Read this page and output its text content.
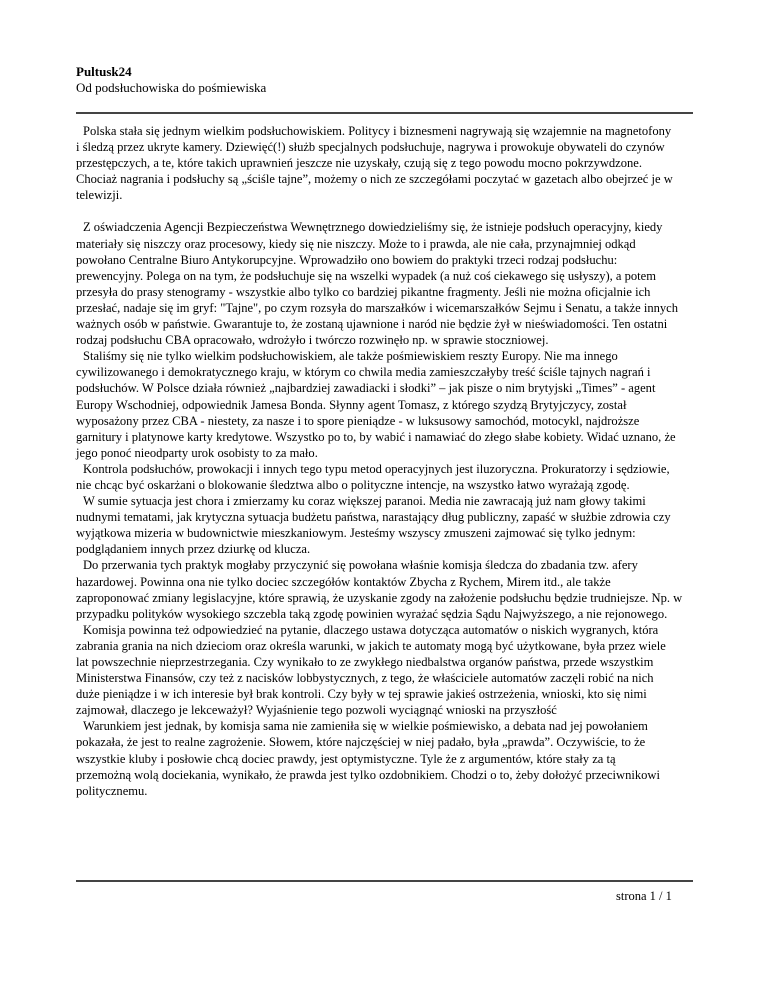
Pultusk24
Od podsłuchowiska do pośmiewiska

Polska stała się jednym wielkim podsłuchowiskiem. Politycy i biznesmeni nagrywają się wzajemnie na magnetofony
i śledzą przez ukryte kamery. Dziewięć(!) służb specjalnych podsłuchuje, nagrywa i prowokuje obywateli do czynów
przestępczych, a te, które takich uprawnień jeszcze nie uzyskały, czują się z tego powodu mocno pokrzywdzone.
Chociaż nagrania i podsłuchy są „ściśle tajne”, możemy o nich ze szczegółami poczytać w gazetach albo obejrzeć je w
telewizji.

Z oświadczenia Agencji Bezpieczeństwa Wewnętrznego dowiedzieliśmy się, że istnieje podsłuch operacyjny, kiedy
materiały się niszczy oraz procesowy, kiedy się nie niszczy. Może to i prawda, ale nie cała, przynajmniej odkąd
powołano Centralne Biuro Antykorupcyjne. Wprowadziło ono bowiem do praktyki trzeci rodzaj podsłuchu:
prewencyjny. Polega on na tym, że podsłuchuje się na wszelki wypadek (a nuż coś ciekawego się usłyszy), a potem
przesyła do prasy stenogramy - wszystkie albo tylko co bardziej pikantne fragmenty. Jeśli nie można oficjalnie ich
przesłać, nadaje się im gryf: "Tajne", po czym rozsyła do marszałków i wicemarszałków Sejmu i Senatu, a także innych
ważnych osób w państwie. Gwarantuje to, że zostaną ujawnione i naród nie będzie żył w nieświadomości. Ten ostatni
rodzaj podsłuchu CBA opracowało, wdrożyło i twórczo rozwinęło np. w sprawie stoczniowej.

Staliśmy się nie tylko wielkim podsłuchowiskiem, ale także pośmiewiskiem reszty Europy. Nie ma innego
cywilizowanego i demokratycznego kraju, w którym co chwila media zamieszczałyby treść ściśle tajnych nagrań i
podsłuchów. W Polsce działa również „najbardziej zawadiacki i słodki” – jak pisze o nim brytyjski „Times” - agent
Europy Wschodniej, odpowiednik Jamesa Bonda. Słynny agent Tomasz, z którego szydzą Brytyjczycy, został
wyposażony przez CBA - niestety, za nasze i to spore pieniądze - w luksusowy samochód, motocykl, najdroższe
garnitury i platynowe karty kredytowe. Wszystko po to, by wabić i namawiać do złego słabe kobiety. Widać uznano, że
jego ponoć nieodparty urok osobisty to za mało.

Kontrola podsłuchów, prowokacji i innych tego typu metod operacyjnych jest iluzoryczna. Prokuratorzy i sędziowie,
nie chcąc być oskarżani o blokowanie śledztwa albo o polityczne intencje, na wszystko łatwo wyrażają zgodę.

W sumie sytuacja jest chora i zmierzamy ku coraz większej paranoi. Media nie zawracają już nam głowy takimi
nudnymi tematami, jak krytyczna sytuacja budżetu państwa, narastający dług publiczny, zapaść w służbie zdrowia czy
wyjątkowa mizeria w budownictwie mieszkaniowym. Jesteśmy wszyscy zmuszeni zajmować się tylko jednym:
podglądaniem innych przez dziurkę od klucza.

Do przerwania tych praktyk mogłaby przyczynić się powołana właśnie komisja śledcza do zbadania tzw. afery
hazardowej. Powinna ona nie tylko dociec szczegółów kontaktów Zbycha z Rychem, Mirem itd., ale także
zaproponować zmiany legislacyjne, które sprawią, że uzyskanie zgody na założenie podsłuchu będzie trudniejsze. Np. w
przypadku polityków wysokiego szczebla taką zgodę powinien wyrażać sędzia Sądu Najwyższego, a nie rejonowego.

Komisja powinna też odpowiedzieć na pytanie, dlaczego ustawa dotycząca automatów o niskich wygranych, która
zabrania grania na nich dzieciom oraz określa warunki, w jakich te automaty mogą być użytkowane, była przez wiele
lat powszechnie nieprzestrzegania. Czy wynikało to ze zwykłego niedbalstwa organów państwa, przede wszystkim
Ministerstwa Finansów, czy też z nacisków lobbystycznych, z tego, że właściciele automatów zaczęli robić na nich
duże pieniądze i w ich interesie był brak kontroli. Czy były w tej sprawie jakieś ostrzeżenia, wnioski, kto się nimi
zajmował, dlaczego je lekceważył? Wyjaśnienie tego pozwoli wyciągnąć wnioski na przyszłość

Warunkiem jest jednak, by komisja sama nie zamieniła się w wielkie pośmiewisko, a debata nad jej powołaniem
pokazała, że jest to realne zagrożenie. Słowem, które najczęściej w niej padało, była „prawda”. Oczywiście, to że
wszystkie kluby i posłowie chcą dociec prawdy, jest optymistyczne. Tyle że z argumentów, które stały za tą
przemożną wolą dociekania, wynikało, że prawda jest tylko ozdobnikiem. Chodzi o to, żeby dołożyć przeciwnikowi
politycznemu.

strona 1 / 1
